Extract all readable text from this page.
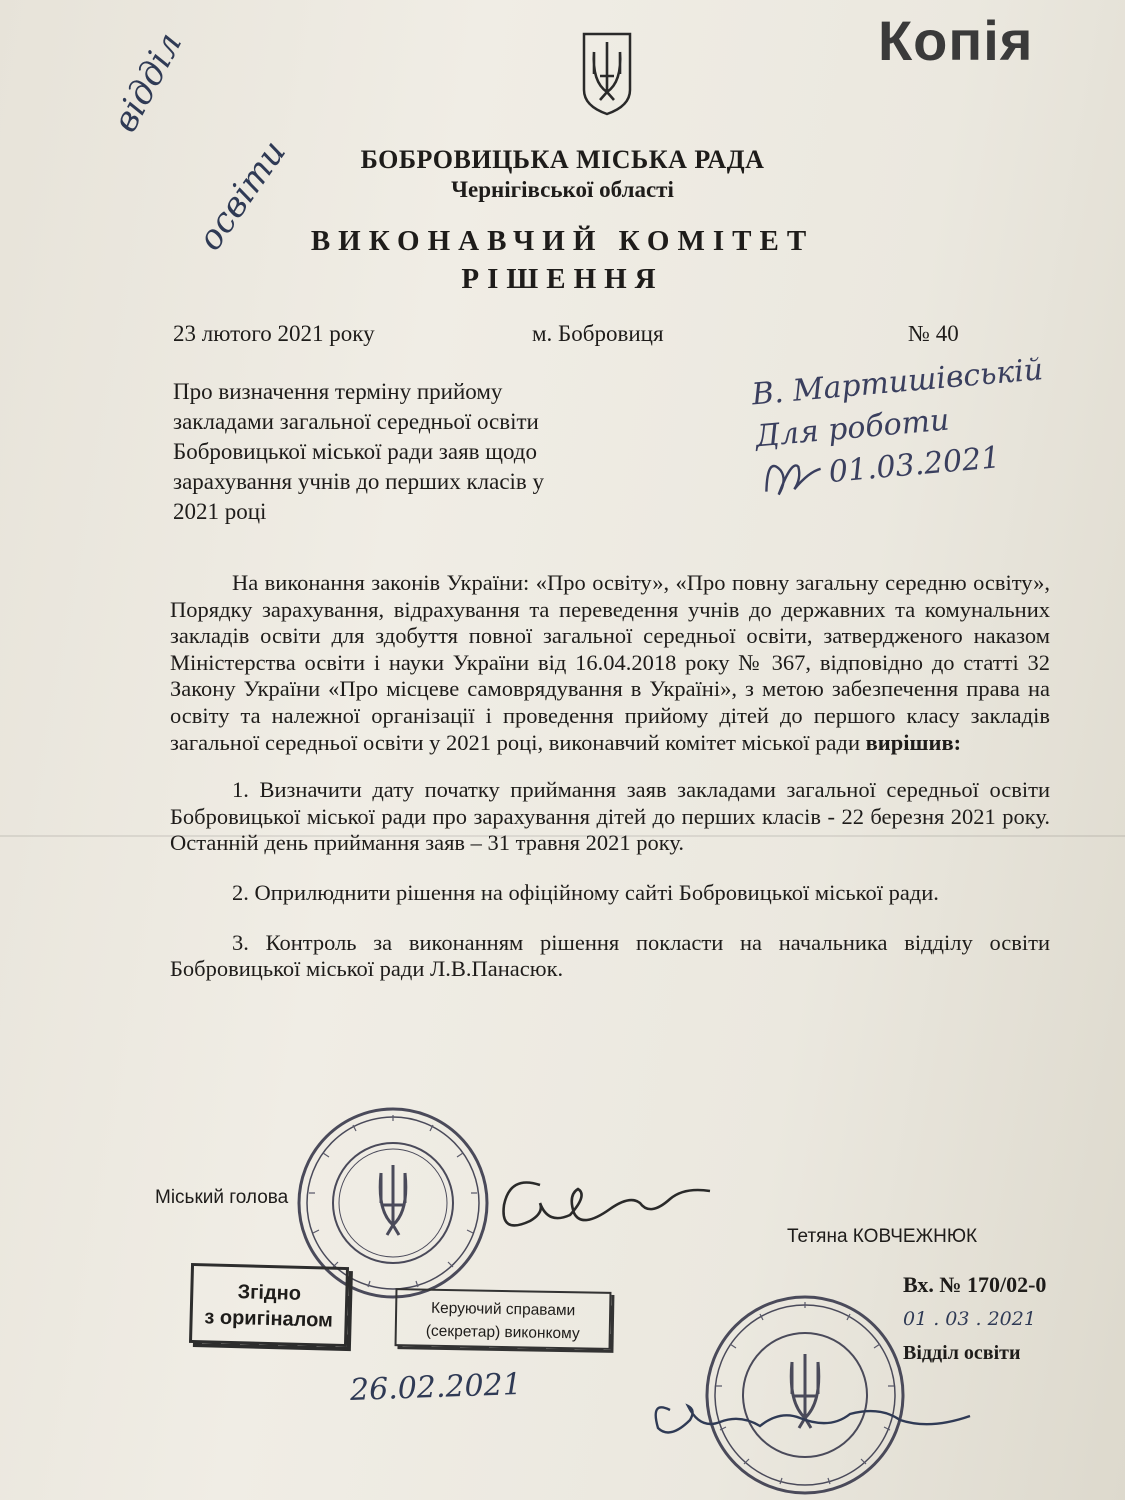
Копія
відділ
освіти	БОБРОВИЦЬКА МІСЬКА РАДА
Чернігівської області
ВИКОНАВЧИЙ КОМІТЕТ
РІШЕННЯ
23 лютого 2021 року	м. Бобровиця	№ 40
Про визначення терміну прийому закладами загальної середньої освіти Бобровицької міської ради заяв щодо зарахування учнів до перших класів у 2021 році
В. Мартишівській
Для роботи
01.03.2021

На виконання законів України: «Про освіту», «Про повну загальну середню освіту», Порядку зарахування, відрахування та переведення учнів до державних та комунальних закладів освіти для здобуття повної загальної середньої освіти, затвердженого наказом Міністерства освіти і науки України від 16.04.2018 року № 367, відповідно до статті 32 Закону України «Про місцеве самоврядування в Україні», з метою забезпечення права на освіту та належної організації і проведення прийому дітей до першого класу закладів загальної середньої освіти у 2021 році, виконавчий комітет міської ради вирішив:

1. Визначити дату початку приймання заяв закладами загальної середньої освіти Бобровицької міської ради про зарахування дітей до перших класів - 22 березня 2021 року. Останній день приймання заяв – 31 травня 2021 року.

2. Оприлюднити рішення на офіційному сайті Бобровицької міської ради.

3. Контроль за виконанням рішення покласти на начальника відділу освіти Бобровицької міської ради Л.В.Панасюк.

Міський голова
Тетяна КОВЧЕЖНЮК
Згідно
з оригіналом	Керуючий справами
(секретар) виконкому
26.02.2021
Вх. № 170/02-0
01 . 03 . 2021
Відділ освіти
